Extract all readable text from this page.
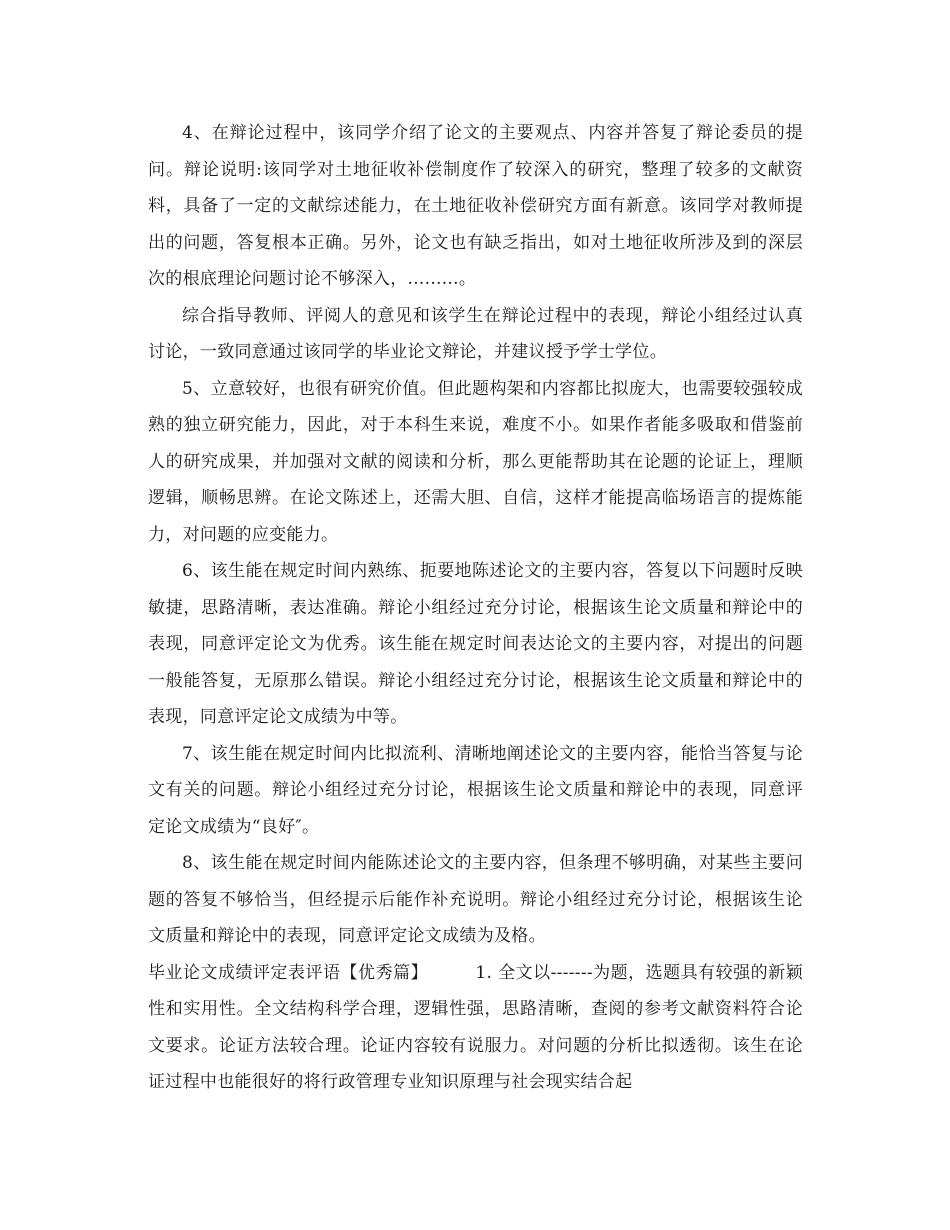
4、在辩论过程中，该同学介绍了论文的主要观点、内容并答复了辩论委员的提问。辩论说明:该同学对土地征收补偿制度作了较深入的研究，整理了较多的文献资料，具备了一定的文献综述能力，在土地征收补偿研究方面有新意。该同学对教师提出的问题，答复根本正确。另外，论文也有缺乏指出，如对土地征收所涉及到的深层次的根底理论问题讨论不够深入，.........。

综合指导教师、评阅人的意见和该学生在辩论过程中的表现，辩论小组经过认真讨论，一致同意通过该同学的毕业论文辩论，并建议授予学士学位。

5、立意较好，也很有研究价值。但此题构架和内容都比拟庞大，也需要较强较成熟的独立研究能力，因此，对于本科生来说，难度不小。如果作者能多吸取和借鉴前人的研究成果，并加强对文献的阅读和分析，那么更能帮助其在论题的论证上，理顺逻辑，顺畅思辨。在论文陈述上，还需大胆、自信，这样才能提高临场语言的提炼能力，对问题的应变能力。

6、该生能在规定时间内熟练、扼要地陈述论文的主要内容，答复以下问题时反映敏捷，思路清晰，表达准确。辩论小组经过充分讨论，根据该生论文质量和辩论中的表现，同意评定论文为优秀。该生能在规定时间表达论文的主要内容，对提出的问题一般能答复，无原那么错误。辩论小组经过充分讨论，根据该生论文质量和辩论中的表现，同意评定论文成绩为中等。

7、该生能在规定时间内比拟流利、清晰地阐述论文的主要内容，能恰当答复与论文有关的问题。辩论小组经过充分讨论，根据该生论文质量和辩论中的表现，同意评定论文成绩为“良好″。

8、该生能在规定时间内能陈述论文的主要内容，但条理不够明确，对某些主要问题的答复不够恰当，但经提示后能作补充说明。辩论小组经过充分讨论，根据该生论文质量和辩论中的表现，同意评定论文成绩为及格。

毕业论文成绩评定表评语【优秀篇】	1. 全文以-------为题，选题具有较强的新颖性和实用性。全文结构科学合理，逻辑性强，思路清晰，查阅的参考文献资料符合论文要求。论证方法较合理。论证内容较有说服力。对问题的分析比拟透彻。该生在论证过程中也能很好的将行政管理专业知识原理与社会现实结合起
